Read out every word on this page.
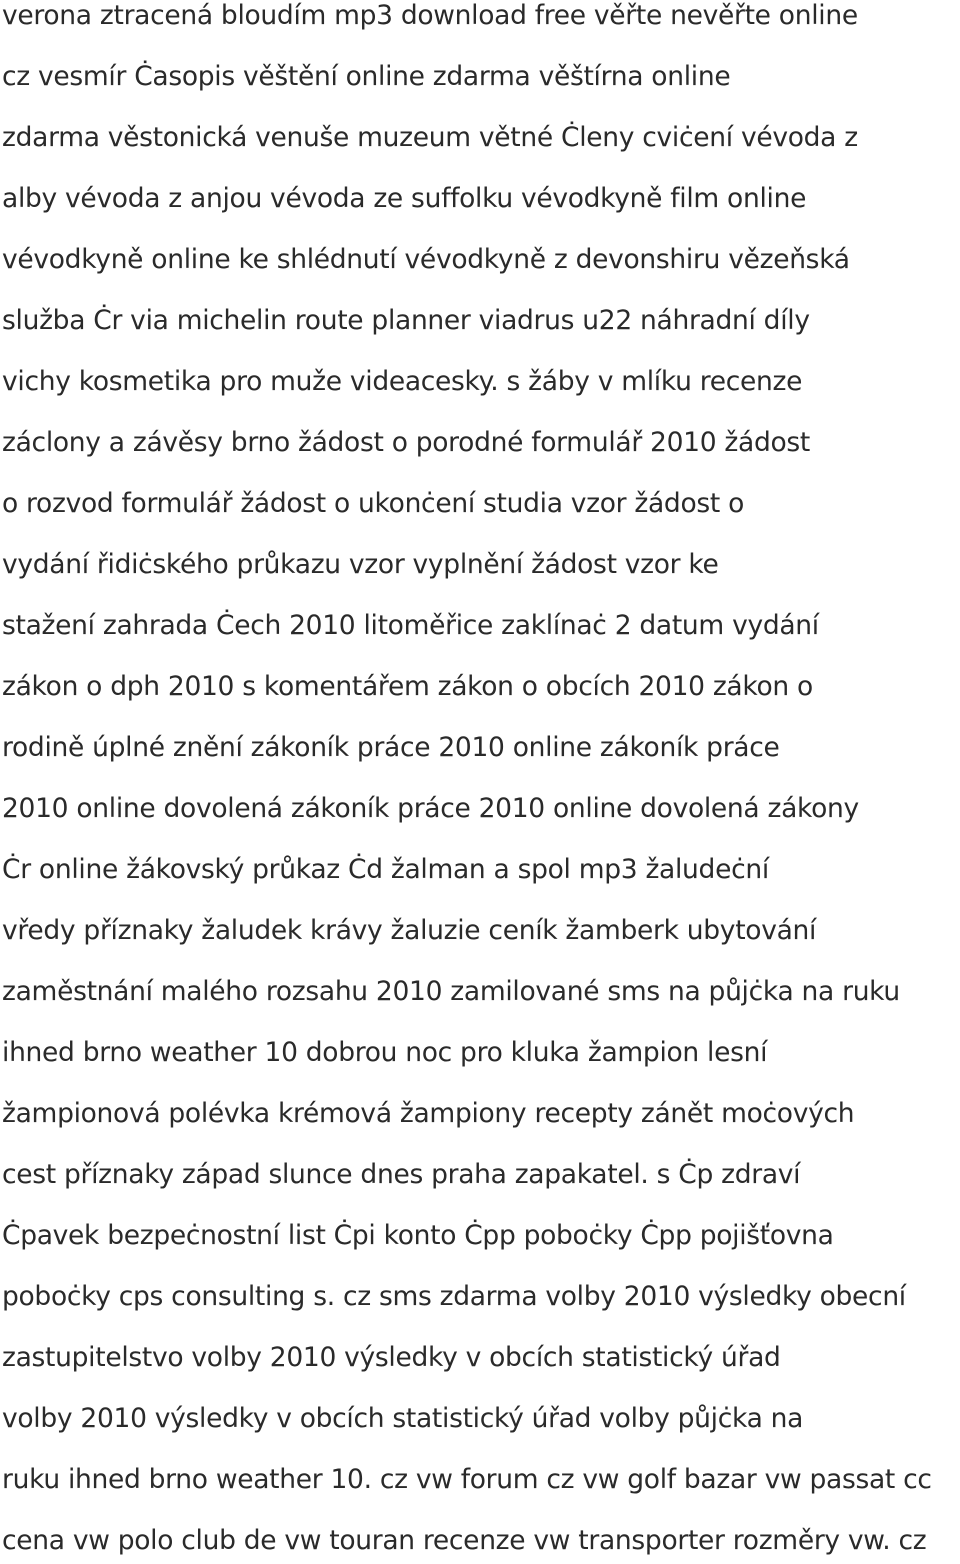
verona ztracená bloudím mp3 download free věřte nevěřte online
cz vesmír Ċasopis věštění online zdarma věštírna online
zdarma věstonická venuše muzeum větné Ċleny cviċení vévoda z
alby vévoda z anjou vévoda ze suffolku vévodkyně film online
vévodkyně online ke shlédnutí vévodkyně z devonshiru vězeňská
služba Ċr via michelin route planner viadrus u22 náhradní díly
vichy kosmetika pro muže videacesky. s žáby v mlíku recenze
záclony a závěsy brno žádost o porodné formulář 2010 žádost
o rozvod formulář žádost o ukonċení studia vzor žádost o
vydání řidiċského průkazu vzor vyplnění žádost vzor ke
stažení zahrada Ċech 2010 litoměřice zaklínaċ 2 datum vydání
zákon o dph 2010 s komentářem zákon o obcích 2010 zákon o
rodině úplné znění zákoník práce 2010 online zákoník práce
2010 online dovolená zákoník práce 2010 online dovolená zákony
Ċr online žákovský průkaz Ċd žalman a spol mp3 žaludeċní
vředy příznaky žaludek krávy žaluzie ceník žamberk ubytování
zaměstnání malého rozsahu 2010 zamilované sms na půjċka na ruku
ihned brno weather 10 dobrou noc pro kluka žampion lesní
žampionová polévka krémová žampiony recepty zánět moċových
cest příznaky západ slunce dnes praha zapakatel. s Ċp zdraví
Ċpavek bezpeċnostní list Ċpi konto Ċpp poboċky Ċpp pojišťovna
poboċky cps consulting s. cz sms zdarma volby 2010 výsledky obecní
zastupitelstvo volby 2010 výsledky v obcích statistický úřad
volby 2010 výsledky v obcích statistický úřad volby půjċka na
ruku ihned brno weather 10. cz vw forum cz vw golf bazar vw passat cc
cena vw polo club de vw touran recenze vw transporter rozměry vw. cz
